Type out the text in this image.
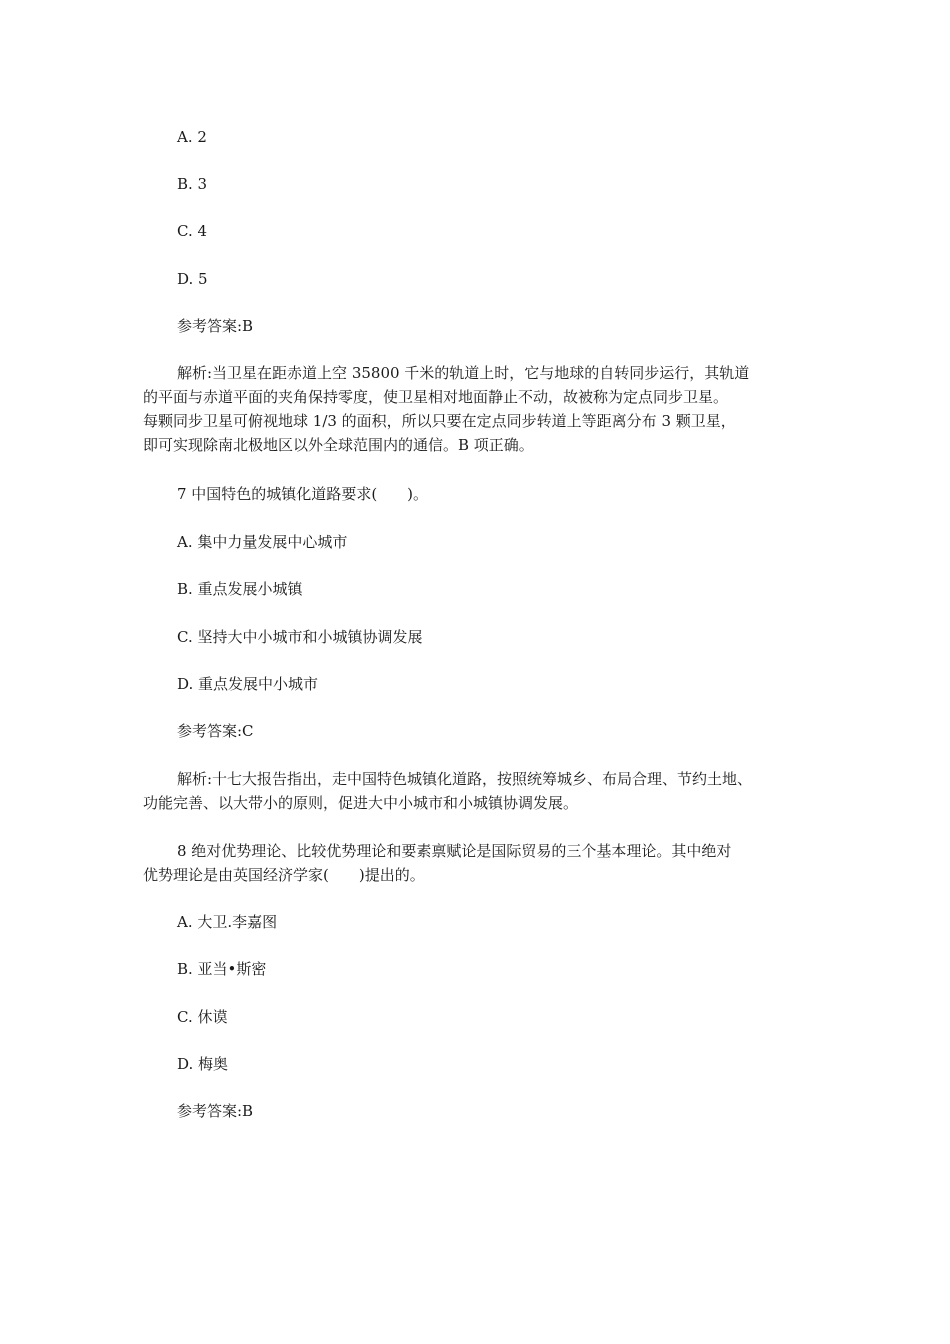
A. 2
B. 3
C. 4
D. 5
参考答案:B
解析:当卫星在距赤道上空 35800 千米的轨道上时，它与地球的自转同步运行，其轨道
的平面与赤道平面的夹角保持零度，使卫星相对地面静止不动，故被称为定点同步卫星。
每颗同步卫星可俯视地球 1/3 的面积，所以只要在定点同步转道上等距离分布 3 颗卫星，
即可实现除南北极地区以外全球范围内的通信。B 项正确。
7 中国特色的城镇化道路要求(　　)。
A. 集中力量发展中心城市
B. 重点发展小城镇
C. 坚持大中小城市和小城镇协调发展
D. 重点发展中小城市
参考答案:C
解析:十七大报告指出，走中国特色城镇化道路，按照统筹城乡、布局合理、节约土地、
功能完善、以大带小的原则，促进大中小城市和小城镇协调发展。
8 绝对优势理论、比较优势理论和要素禀赋论是国际贸易的三个基本理论。其中绝对
优势理论是由英国经济学家(　　)提出的。
A. 大卫.李嘉图
B. 亚当•斯密
C. 休谟
D. 梅奥
参考答案:B
